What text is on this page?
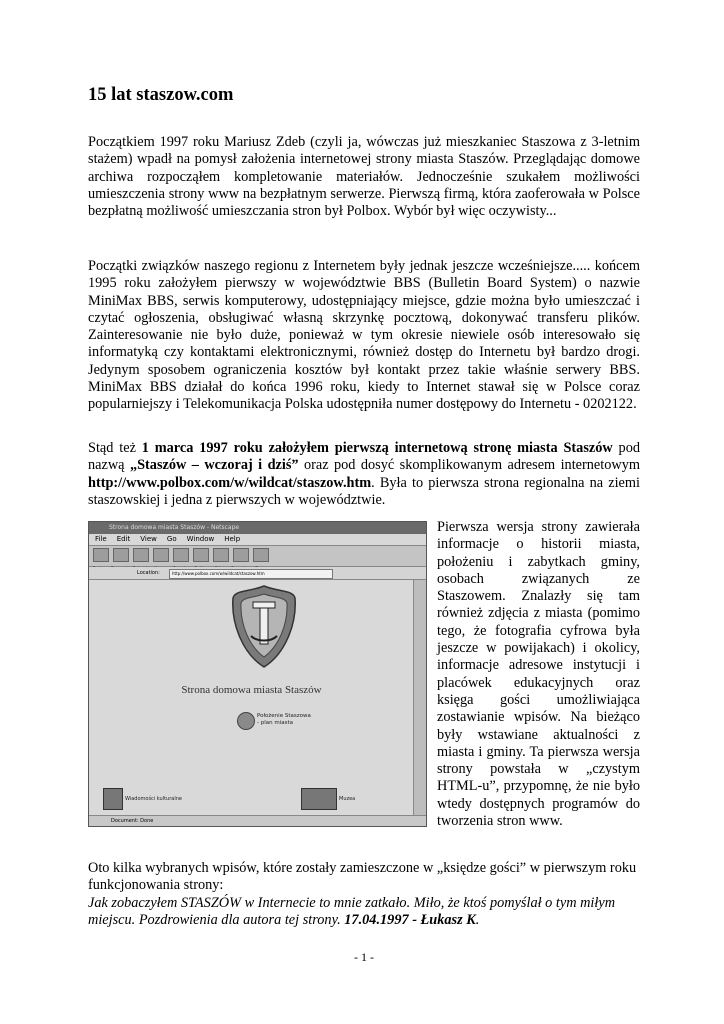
15 lat staszow.com

Początkiem 1997 roku Mariusz Zdeb (czyli ja, wówczas już mieszkaniec Staszowa z 3-letnim stażem) wpadł na pomysł założenia internetowej strony miasta Staszów. Przeglądając domowe archiwa rozpocząłem kompletowanie materiałów. Jednocześnie szukałem możliwości umieszczenia strony www na bezpłatnym serwerze. Pierwszą firmą, która zaoferowała w Polsce bezpłatną możliwość umieszczania stron był Polbox. Wybór był więc oczywisty...

Początki związków naszego regionu z Internetem były jednak jeszcze wcześniejsze..... końcem 1995 roku założyłem pierwszy w województwie BBS (Bulletin Board System) o nazwie MiniMax BBS, serwis komputerowy, udostępniający miejsce, gdzie można było umieszczać i czytać ogłoszenia, obsługiwać własną skrzynkę pocztową, dokonywać transferu plików. Zainteresowanie nie było duże, ponieważ w tym okresie niewiele osób interesowało się informatyką czy kontaktami elektronicznymi, również dostęp do Internetu był bardzo drogi. Jedynym sposobem ograniczenia kosztów był kontakt przez takie właśnie serwery BBS. MiniMax BBS działał do końca 1996 roku, kiedy to Internet stawał się w Polsce coraz popularniejszy i Telekomunikacja Polska udostępniła numer dostępowy do Internetu - 0202122.

Stąd też 1 marca 1997 roku założyłem pierwszą internetową stronę miasta Staszów pod nazwą „Staszów – wczoraj i dziś” oraz pod dosyć skomplikowanym adresem internetowym http://www.polbox.com/w/wildcat/staszow.htm. Była to pierwsza strona regionalna na ziemi staszowskiej i jedna z pierwszych w województwie.

Strona domowa miasta Staszów - Netscape
File Edit View Go Window Help
Location:	http://www.polbox.com/w/wildcat/staszow.htm
Strona domowa miasta Staszów
Położenie Staszowa
- plan miasta
Wiadomości kulturalne	Muzea
Document: Done
Pierwsza wersja strony zawierała informacje o historii miasta, położeniu i zabytkach gminy, osobach związanych ze Staszowem. Znalazły się tam również zdjęcia z miasta (pomimo tego, że fotografia cyfrowa była jeszcze w powijakach) i okolicy, informacje adresowe instytucji i placówek edukacyjnych oraz księga gości umożliwiająca zostawianie wpisów. Na bieżąco były wstawiane aktualności z miasta i gminy. Ta pierwsza wersja strony powstała w „czystym HTML-u”, przypomnę, że nie było wtedy dostępnych programów do tworzenia stron www.

Oto kilka wybranych wpisów, które zostały zamieszczone w „księdze gości” w pierwszym roku funkcjonowania strony:
Jak zobaczyłem STASZÓW w Internecie to mnie zatkało. Miło, że ktoś pomyślał o tym miłym miejscu. Pozdrowienia dla autora tej strony. 17.04.1997 - Łukasz K.

- 1 -
